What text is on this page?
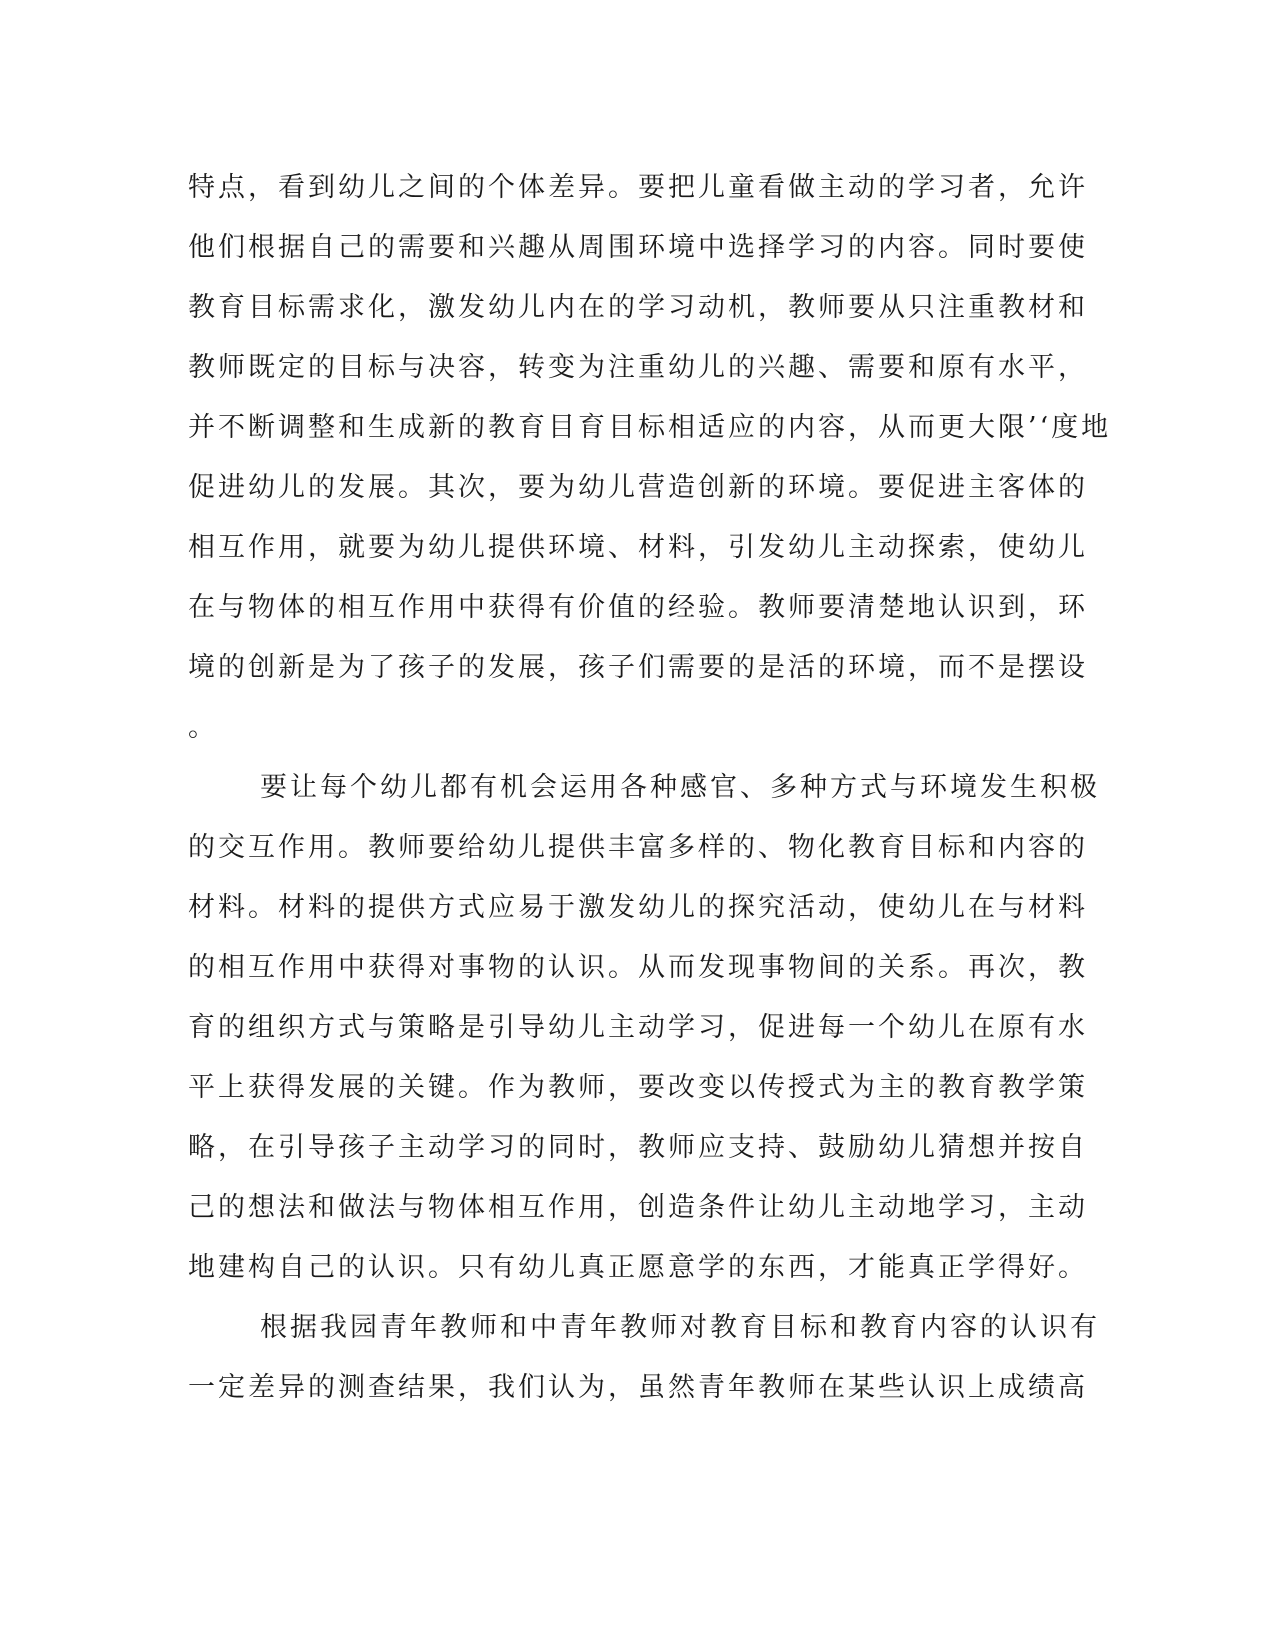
特点，看到幼儿之间的个体差异。要把儿童看做主动的学习者，允许
他们根据自己的需要和兴趣从周围环境中选择学习的内容。同时要使
教育目标需求化，激发幼儿内在的学习动机，教师要从只注重教材和
教师既定的目标与决容，转变为注重幼儿的兴趣、需要和原有水平，
并不断调整和生成新的教育目育目标相适应的内容，从而更大限’‘度地
促进幼儿的发展。其次，要为幼儿营造创新的环境。要促进主客体的
相互作用，就要为幼儿提供环境、材料，引发幼儿主动探索，使幼儿
在与物体的相互作用中获得有价值的经验。教师要清楚地认识到，环
境的创新是为了孩子的发展，孩子们需要的是活的环境，而不是摆设
。
要让每个幼儿都有机会运用各种感官、多种方式与环境发生积极
的交互作用。教师要给幼儿提供丰富多样的、物化教育目标和内容的
材料。材料的提供方式应易于激发幼儿的探究活动，使幼儿在与材料
的相互作用中获得对事物的认识。从而发现事物间的关系。再次，教
育的组织方式与策略是引导幼儿主动学习，促进每一个幼儿在原有水
平上获得发展的关键。作为教师，要改变以传授式为主的教育教学策
略，在引导孩子主动学习的同时，教师应支持、鼓励幼儿猜想并按自
己的想法和做法与物体相互作用，创造条件让幼儿主动地学习，主动
地建构自己的认识。只有幼儿真正愿意学的东西，才能真正学得好。
根据我园青年教师和中青年教师对教育目标和教育内容的认识有
一定差异的测查结果，我们认为，虽然青年教师在某些认识上成绩高
